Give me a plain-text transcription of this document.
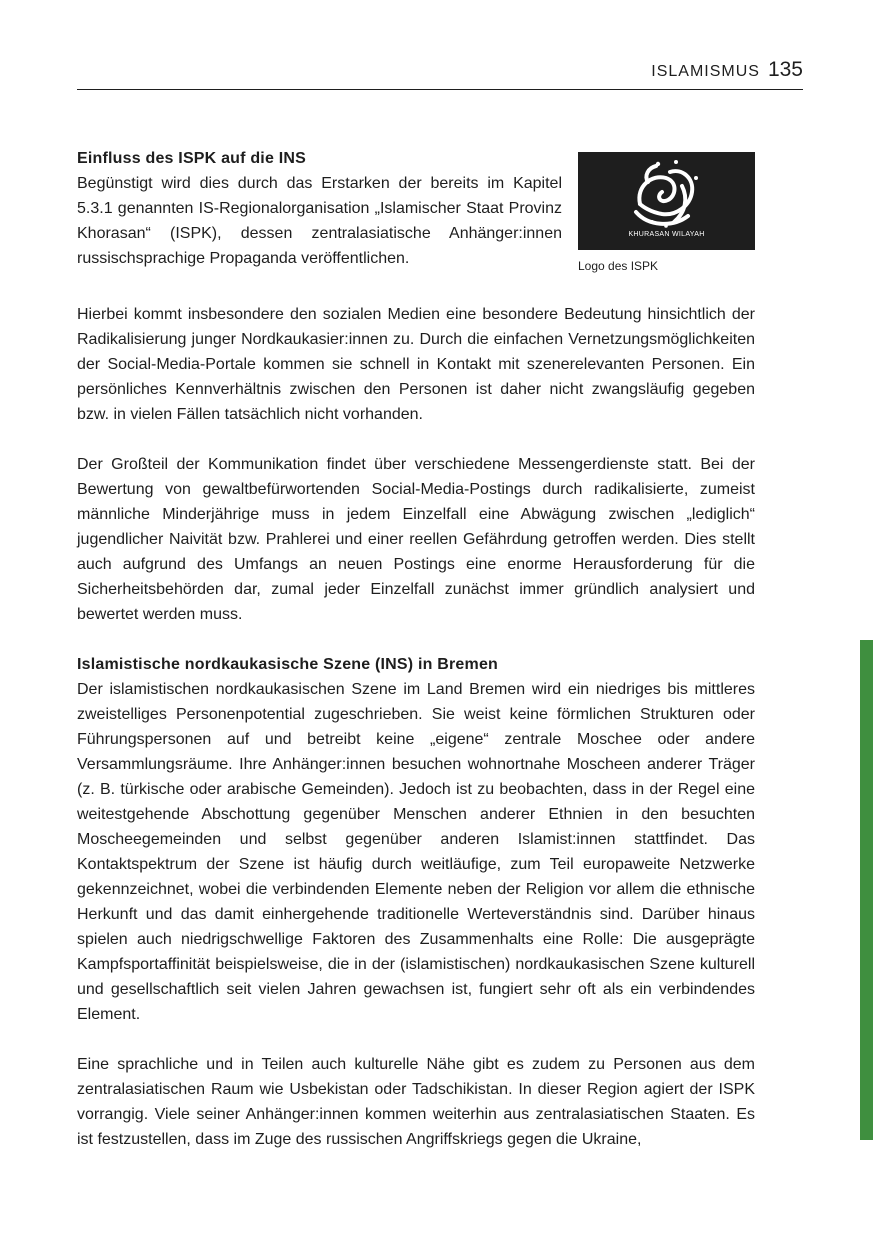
ISLAMISMUS 135
Einfluss des ISPK auf die INS

Begünstigt wird dies durch das Erstarken der bereits im Kapitel 5.3.1 genannten IS-Regionalorganisation „Islamischer Staat Provinz Khorasan“ (ISPK), dessen zentralasiatische Anhänger:innen russischsprachige Propaganda veröffentlichen.

KHURASAN WILAYAH
Logo des ISPK

Hierbei kommt insbesondere den sozialen Medien eine besondere Bedeutung hinsichtlich der Radikalisierung junger Nordkaukasier:innen zu. Durch die einfachen Vernetzungsmöglichkeiten der Social-Media-Portale kommen sie schnell in Kontakt mit szenerelevanten Personen. Ein persönliches Kennverhältnis zwischen den Personen ist daher nicht zwangsläufig gegeben bzw. in vielen Fällen tatsächlich nicht vorhanden.

Der Großteil der Kommunikation findet über verschiedene Messengerdienste statt. Bei der Bewertung von gewaltbefürwortenden Social-Media-Postings durch radikalisierte, zumeist männliche Minderjährige muss in jedem Einzelfall eine Abwägung zwischen „lediglich“ jugendlicher Naivität bzw. Prahlerei und einer reellen Gefährdung getroffen werden. Dies stellt auch aufgrund des Umfangs an neuen Postings eine enorme Herausforderung für die Sicherheitsbehörden dar, zumal jeder Einzelfall zunächst immer gründlich analysiert und bewertet werden muss.

Islamistische nordkaukasische Szene (INS) in Bremen

Der islamistischen nordkaukasischen Szene im Land Bremen wird ein niedriges bis mittleres zweistelliges Personenpotential zugeschrieben. Sie weist keine förmlichen Strukturen oder Führungspersonen auf und betreibt keine „eigene“ zentrale Moschee oder andere Versammlungsräume. Ihre Anhänger:innen besuchen wohnortnahe Moscheen anderer Träger (z. B. türkische oder arabische Gemeinden). Jedoch ist zu beobachten, dass in der Regel eine weitestgehende Abschottung gegenüber Menschen anderer Ethnien in den besuchten Moscheegemeinden und selbst gegenüber anderen Islamist:innen stattfindet. Das Kontaktspektrum der Szene ist häufig durch weitläufige, zum Teil europaweite Netzwerke gekennzeichnet, wobei die verbindenden Elemente neben der Religion vor allem die ethnische Herkunft und das damit einhergehende traditionelle Werteverständnis sind. Darüber hinaus spielen auch niedrigschwellige Faktoren des Zusammenhalts eine Rolle: Die ausgeprägte Kampfsportaffinität beispielsweise, die in der (islamistischen) nordkaukasischen Szene kulturell und gesellschaftlich seit vielen Jahren gewachsen ist, fungiert sehr oft als ein verbindendes Element.

Eine sprachliche und in Teilen auch kulturelle Nähe gibt es zudem zu Personen aus dem zentralasiatischen Raum wie Usbekistan oder Tadschikistan. In dieser Region agiert der ISPK vorrangig. Viele seiner Anhänger:innen kommen weiterhin aus zentralasiatischen Staaten. Es ist festzustellen, dass im Zuge des russischen Angriffskriegs gegen die Ukraine,
